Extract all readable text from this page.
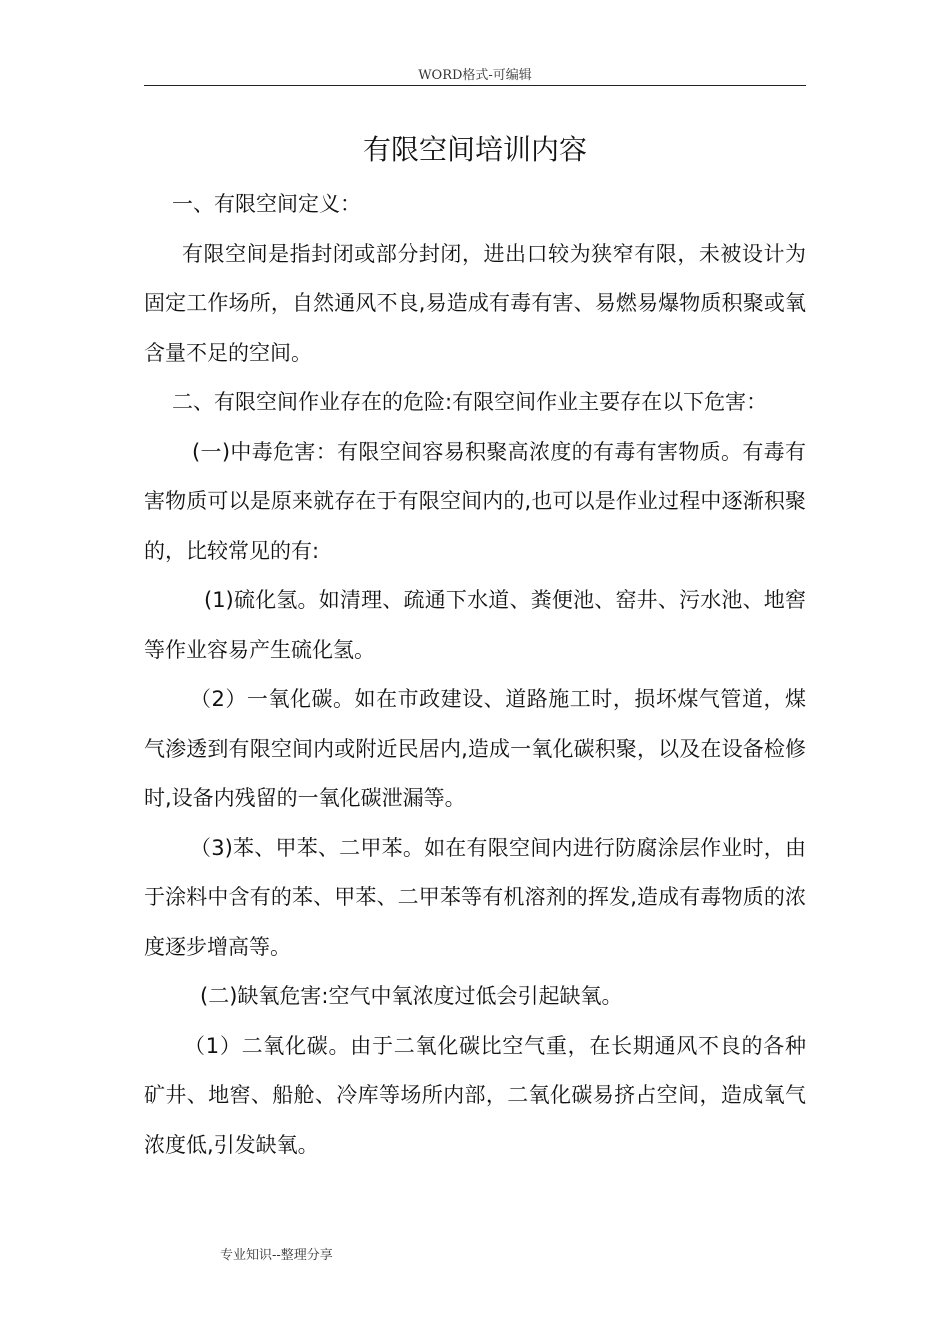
WORD格式-可编辑
有限空间培训内容

一、有限空间定义：

有限空间是指封闭或部分封闭，进出口较为狭窄有限，未被设计为固定工作场所，自然通风不良,易造成有毒有害、易燃易爆物质积聚或氧含量不足的空间。

二、有限空间作业存在的危险:有限空间作业主要存在以下危害：

(一)中毒危害：有限空间容易积聚高浓度的有毒有害物质。有毒有害物质可以是原来就存在于有限空间内的,也可以是作业过程中逐渐积聚的，比较常见的有:

(1)硫化氢。如清理、疏通下水道、粪便池、窑井、污水池、地窖等作业容易产生硫化氢。

（2）一氧化碳。如在市政建设、道路施工时，损坏煤气管道，煤气渗透到有限空间内或附近民居内,造成一氧化碳积聚，以及在设备检修时,设备内残留的一氧化碳泄漏等。

（3)苯、甲苯、二甲苯。如在有限空间内进行防腐涂层作业时，由于涂料中含有的苯、甲苯、二甲苯等有机溶剂的挥发,造成有毒物质的浓度逐步增高等。

(二)缺氧危害:空气中氧浓度过低会引起缺氧。

（1）二氧化碳。由于二氧化碳比空气重，在长期通风不良的各种矿井、地窖、船舱、冷库等场所内部，二氧化碳易挤占空间，造成氧气浓度低,引发缺氧。

专业知识--整理分享
